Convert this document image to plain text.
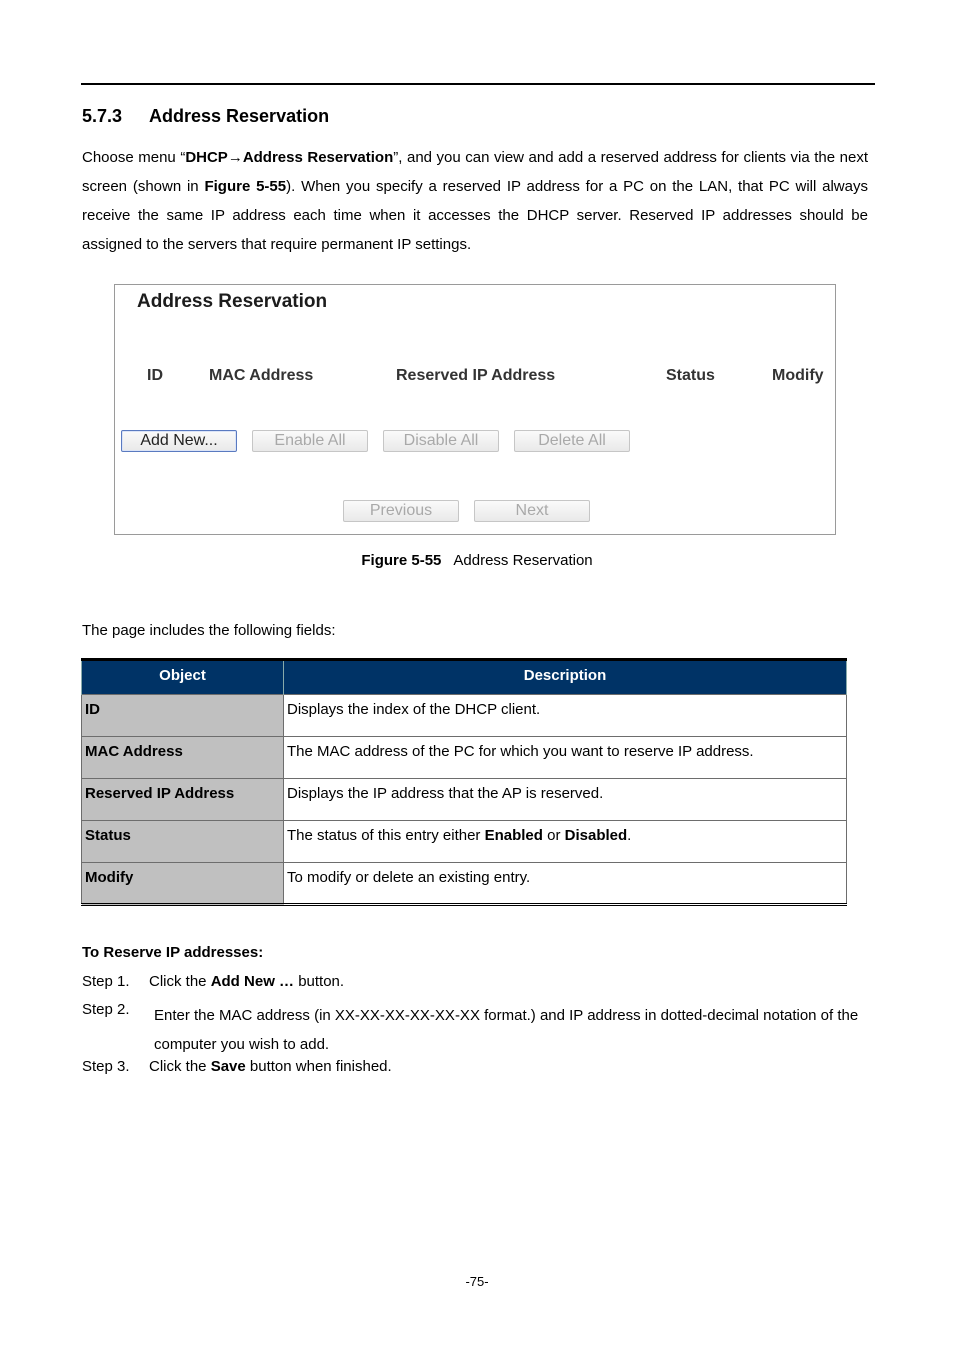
5.7.3 Address Reservation

Choose menu “DHCP→Address Reservation”, and you can view and add a reserved address for clients via the next screen (shown in Figure 5-55). When you specify a reserved IP address for a PC on the LAN, that PC will always receive the same IP address each time when it accesses the DHCP server. Reserved IP addresses should be assigned to the servers that require permanent IP settings.

Address Reservation
ID	MAC Address	Reserved IP Address	Status	Modify
Add New...	Enable All	Disable All	Delete All
Previous	Next
Figure 5-55 Address Reservation
The page includes the following fields:
Object	Description
ID	Displays the index of the DHCP client.
MAC Address	The MAC address of the PC for which you want to reserve IP address.
Reserved IP Address	Displays the IP address that the AP is reserved.
Status	The status of this entry either Enabled or Disabled.
Modify	To modify or delete an existing entry.
To Reserve IP addresses:
Step 1. Click the Add New … button.
Step 2.	Enter the MAC address (in XX-XX-XX-XX-XX-XX format.) and IP address in dotted-decimal notation of the computer you wish to add.
Step 3. Click the Save button when finished.
-75-
